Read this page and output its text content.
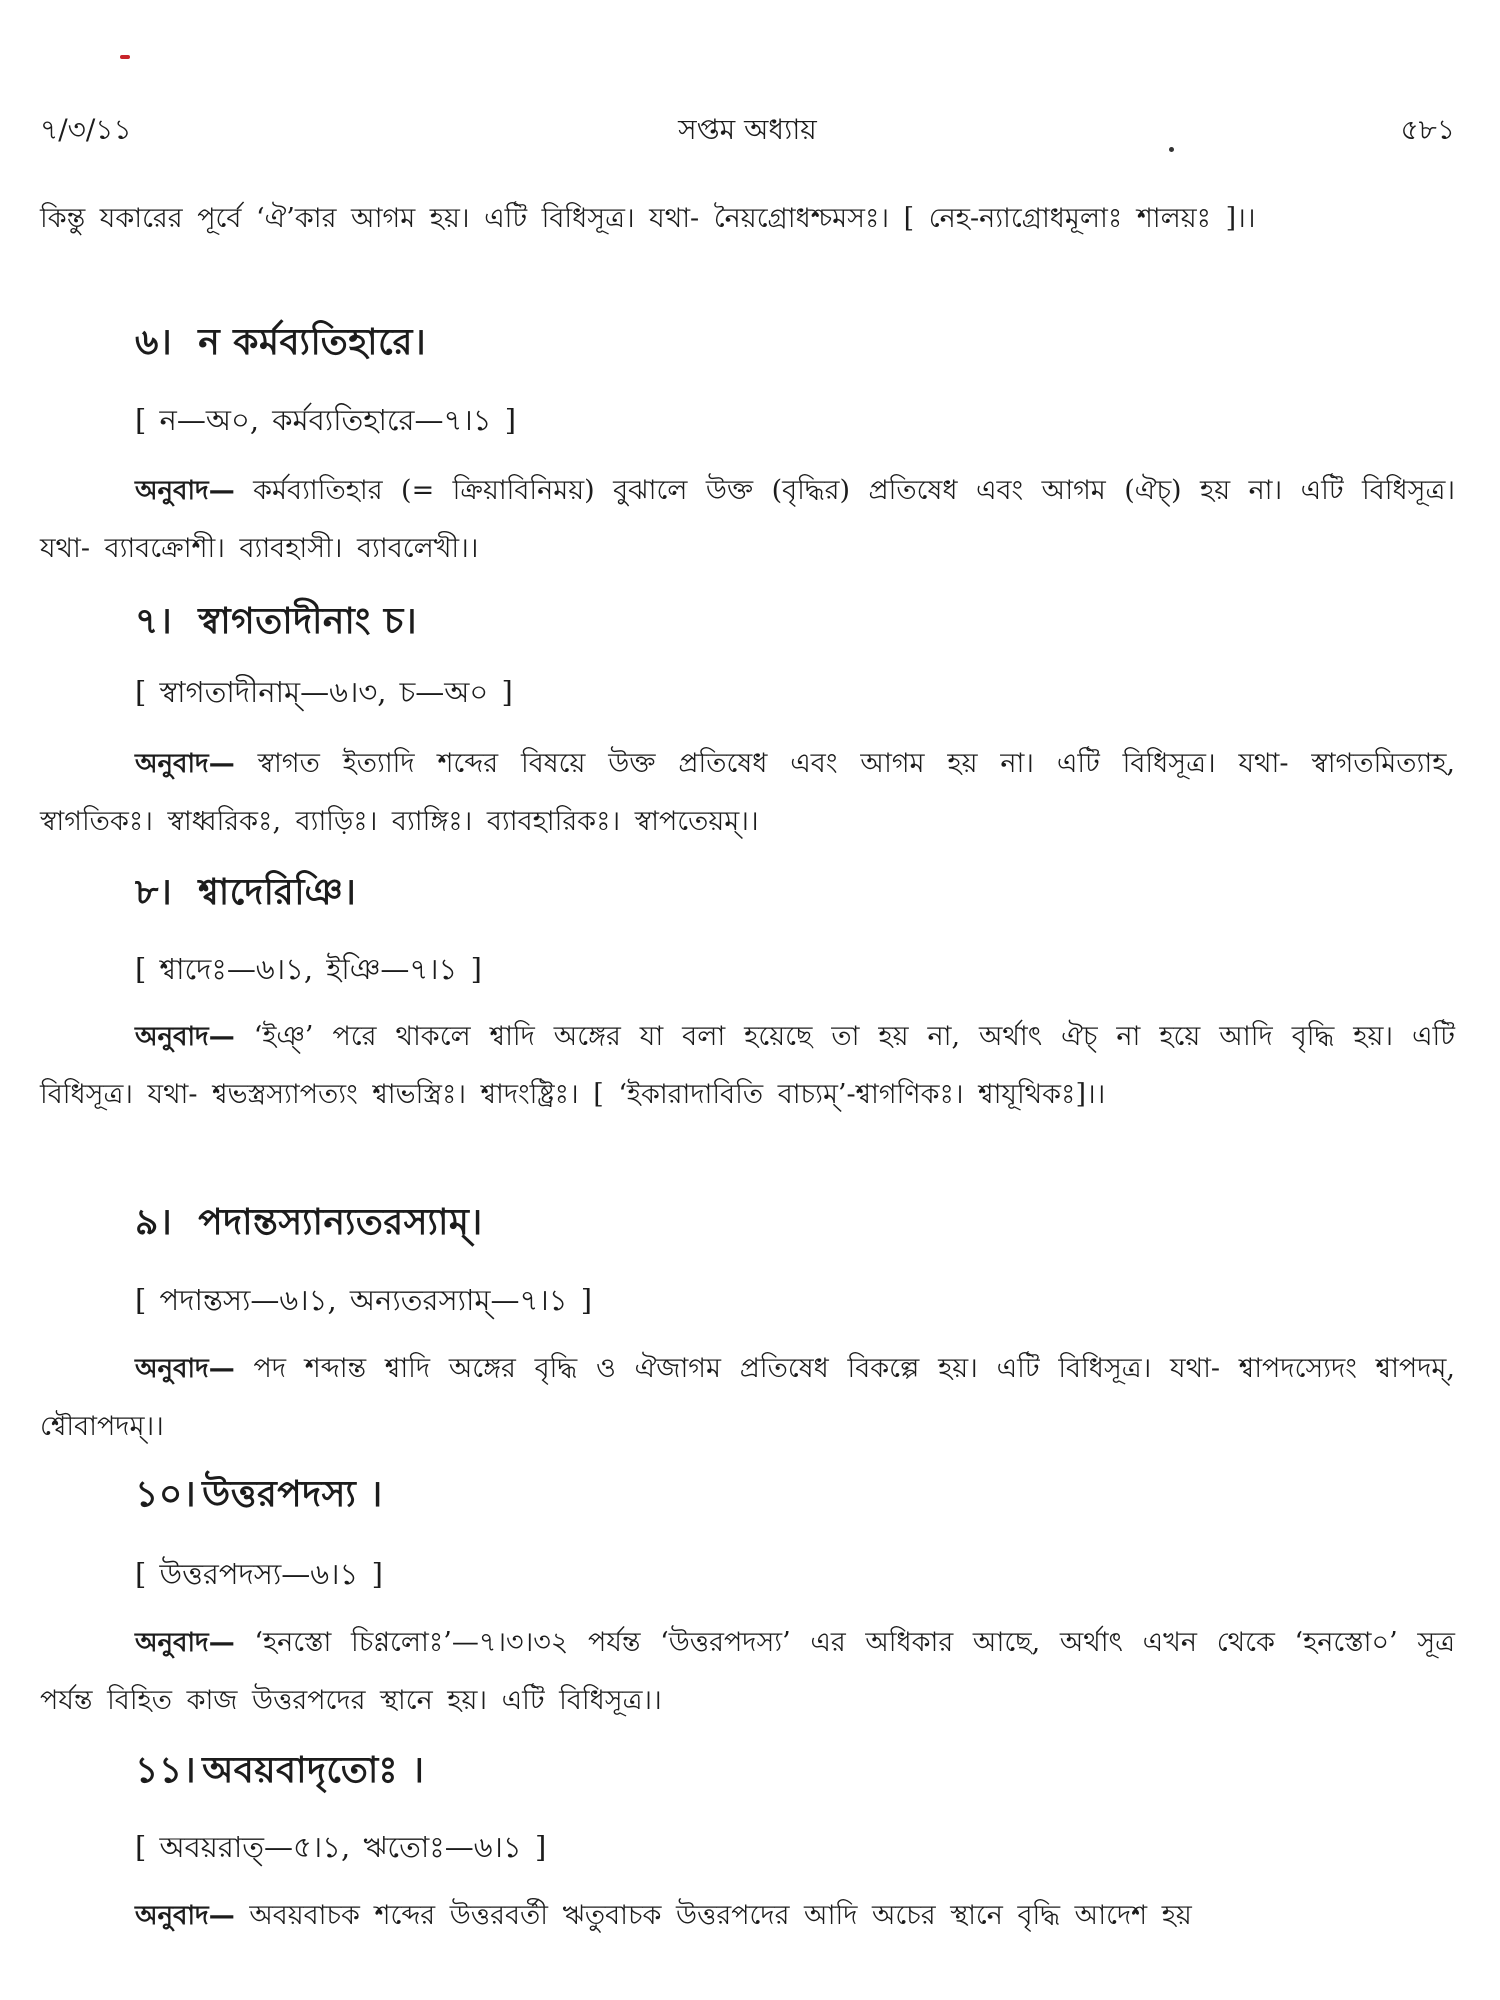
৭/৩/১১	সপ্তম অধ্যায়	৫৮১
কিন্তু যকারের পূর্বে ‘ঐ’কার আগম হয়। এটি বিধিসূত্র। যথা- নৈয়গ্রোধশ্চমসঃ। [ নেহ-ন্যাগ্রোধমূলাঃ শালয়ঃ ]।।
৬। ন কর্মব্যতিহারে।
[ ন—অ০, কর্মব্যতিহারে—৭।১ ]
অনুবাদ— কর্মব্যাতিহার (= ক্রিয়াবিনিময়) বুঝালে উক্ত (বৃদ্ধির) প্রতিষেধ এবং আগম (ঐচ্) হয় না। এটি বিধিসূত্র। যথা- ব্যাবক্রোশী। ব্যাবহাসী। ব্যাবলেখী।।
৭। স্বাগতাদীনাং চ।
[ স্বাগতাদীনাম্—৬।৩, চ—অ০ ]
অনুবাদ— স্বাগত ইত্যাদি শব্দের বিষয়ে উক্ত প্রতিষেধ এবং আগম হয় না। এটি বিধিসূত্র। যথা- স্বাগতমিত্যাহ, স্বাগতিকঃ। স্বাধ্বরিকঃ, ব্যাড়িঃ। ব্যাঙ্গিঃ। ব্যাবহারিকঃ। স্বাপতেয়ম্।।
৮। শ্বাদেরিঞি।
[ শ্বাদেঃ—৬।১, ইঞি—৭।১ ]
অনুবাদ— ‘ইঞ্’ পরে থাকলে শ্বাদি অঙ্গের যা বলা হয়েছে তা হয় না, অর্থাৎ ঐচ্ না হয়ে আদি বৃদ্ধি হয়। এটি বিধিসূত্র। যথা- শ্বভস্ত্রস্যাপত্যং শ্বাভস্ত্রিঃ। শ্বাদংষ্ট্রিঃ। [ ‘ইকারাদাবিতি বাচ্যম্’-শ্বাগণিকঃ। শ্বাযূথিকঃ]।।
৯। পদান্তস্যান্যতরস্যাম্।
[ পদান্তস্য—৬।১, অন্যতরস্যাম্—৭।১ ]
অনুবাদ— পদ শব্দান্ত শ্বাদি অঙ্গের বৃদ্ধি ও ঐজাগম প্রতিষেধ বিকল্পে হয়। এটি বিধিসূত্র। যথা- শ্বাপদস্যেদং শ্বাপদম্, শ্বৌবাপদম্।।
১০। উত্তরপদস্য ।
[ উত্তরপদস্য—৬।১ ]
অনুবাদ— ‘হনস্তো চিণ্ণলোঃ’—৭।৩।৩২ পর্যন্ত ‘উত্তরপদস্য’ এর অধিকার আছে, অর্থাৎ এখন থেকে ‘হনস্তো০’ সূত্র পর্যন্ত বিহিত কাজ উত্তরপদের স্থানে হয়। এটি বিধিসূত্র।।
১১। অবয়বাদৃতোঃ ।
[ অবয়রাত্—৫।১, ঋতোঃ—৬।১ ]
অনুবাদ— অবয়বাচক শব্দের উত্তরবর্তী ঋতুবাচক উত্তরপদের আদি অচের স্থানে বৃদ্ধি আদেশ হয়
